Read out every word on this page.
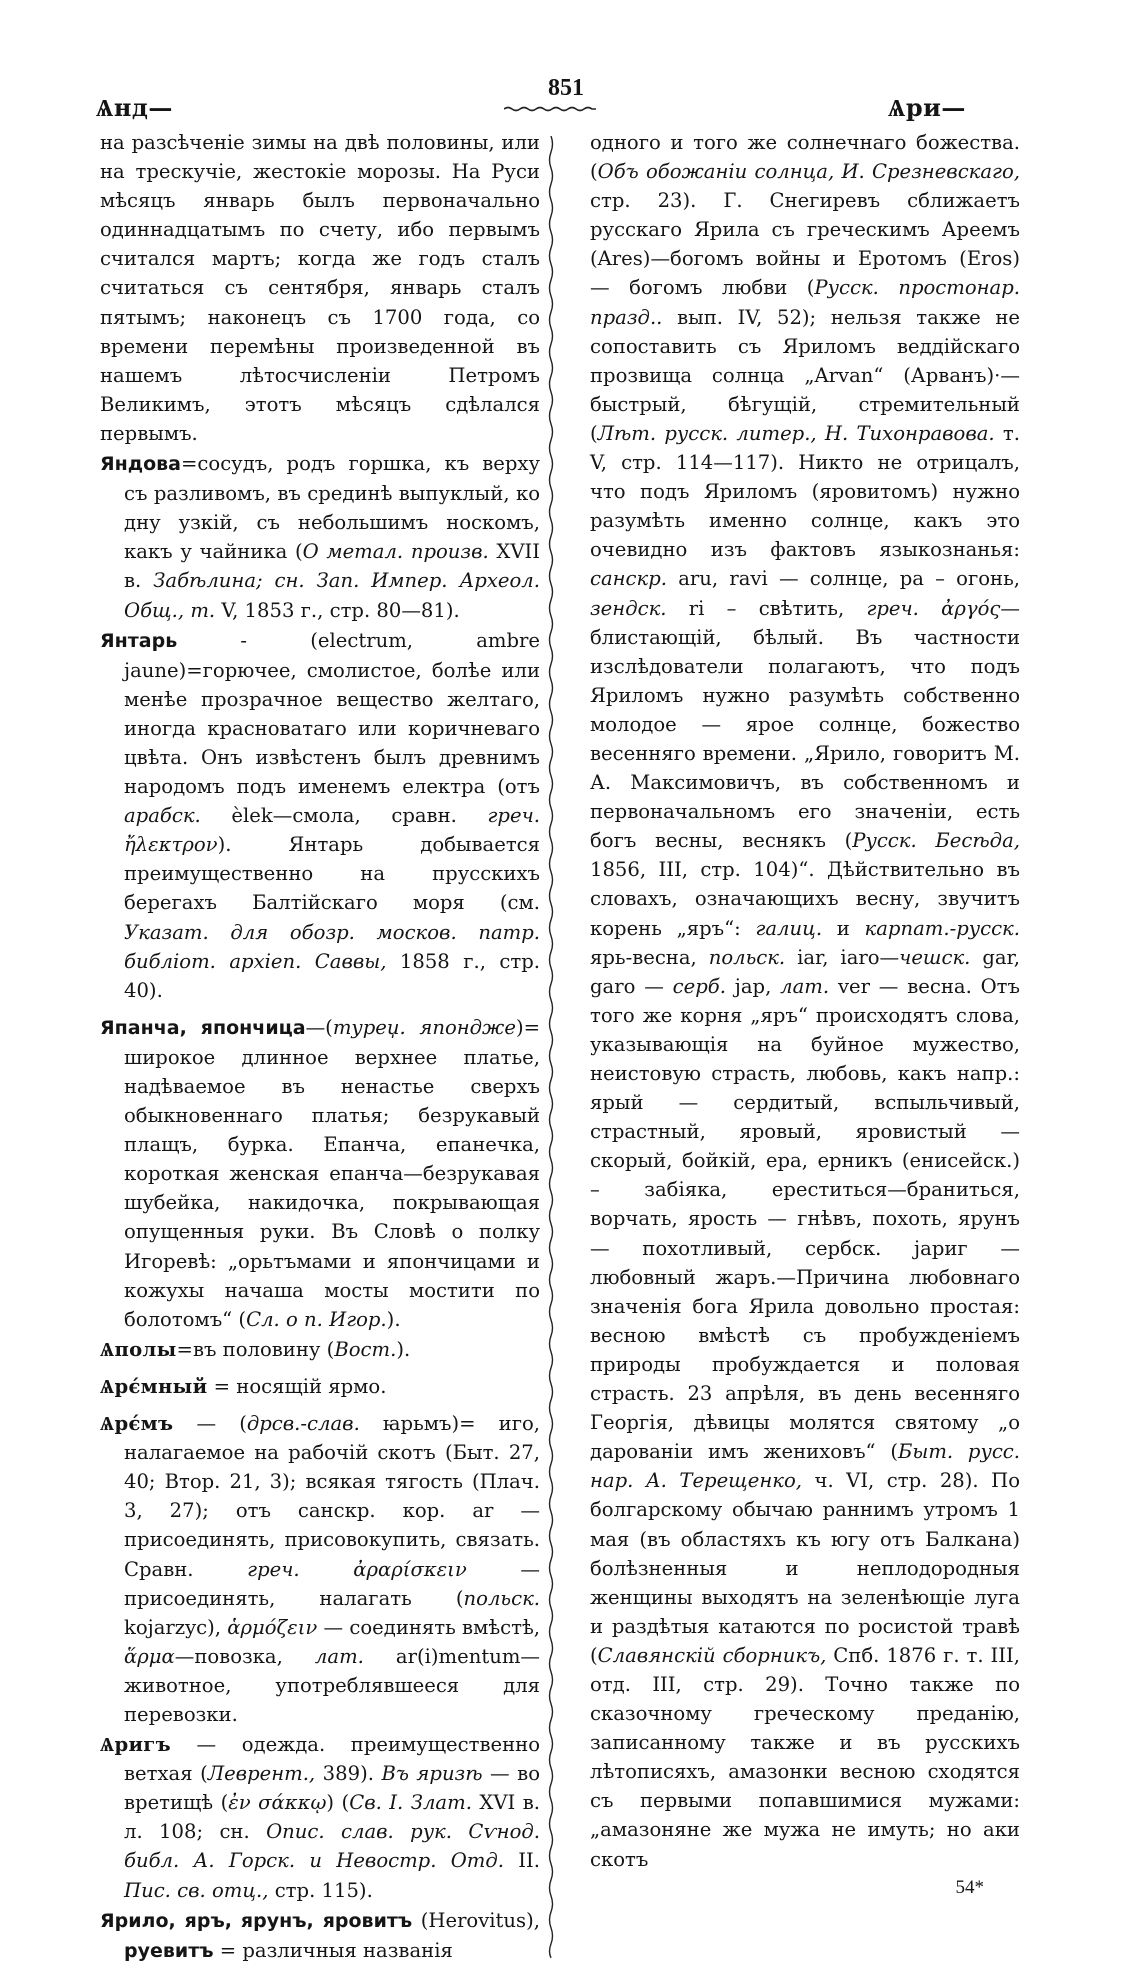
851
Ѧнд—	Ѧри—

на разсѣченіе зимы на двѣ половины, или на трескучіе, жестокіе морозы. На Руси мѣсяцъ январь былъ первоначально одиннадцатымъ по счету, ибо первымъ считался мартъ; когда же годъ сталъ считаться съ сентября, январь сталъ пятымъ; наконецъ съ 1700 года, со времени перемѣны произведенной въ нашемъ лѣтосчисленіи Петромъ Великимъ, этотъ мѣсяцъ сдѣлался первымъ.

Яндова=сосудъ, родъ горшка, къ верху съ разливомъ, въ срединѣ выпуклый, ко дну узкій, съ небольшимъ носкомъ, какъ у чайника (О метал. произв. XVII в. Забѣлина; сн. Зап. Импер. Археол. Общ., т. V, 1853 г., стр. 80—81).

Янтарь - (electrum, ambre jaune)=горючее, смолистое, болѣе или менѣе прозрачное вещество желтаго, иногда красноватаго или коричневаго цвѣта. Онъ извѣстенъ былъ древнимъ народомъ подъ именемъ електра (отъ арабск. èlek—смола, сравн. греч. ἤλεκτρον). Янтарь добывается преимущественно на прусскихъ берегахъ Балтійскаго моря (см. Указат. для обозр. москов. патр. библіот. архіеп. Саввы, 1858 г., стр. 40).

Япанча, япончица—(туреџ. япондже)= широкое длинное верхнее платье, надѣваемое въ ненастье сверхъ обыкновеннаго платья; безрукавый плащъ, бурка. Епанча, епанечка, короткая женская епанча—безрукавая шубейка, накидочка, покрывающая опущенныя руки. Въ Словѣ о полку Игоревѣ: „орьтъмами и япончицами и кожухы начаша мосты мостити по болотомъ“ (Сл. о п. Игор.).

Ѧполы=въ половину (Вост.).

Ѧрє́мный = носящій ярмо.

Ѧрє́мъ — (дрсв.-слав. ꙗрьмъ)= иго, налагаемое на рабочій скотъ (Быт. 27, 40; Втор. 21, 3); всякая тягость (Плач. 3, 27); отъ санскр. кор. ar — присоединять, присовокупить, связать. Сравн. греч. ἀραρίσκειν — присоединять, налагать (польск. kojarzyc), ἁρμόζειν — соединять вмѣстѣ, ἅρμα—повозка, лат. ar(i)mentum—животное, употреблявшееся для перевозки.

Ѧригъ — одежда. преимущественно ветхая (Леврент., 389). Въ яризѣ — во вретищѣ (ἐν σάκκῳ) (Св. І. Злат. XVI в. л. 108; сн. Опис. слав. рук. Сѵнод. библ. А. Горск. и Невостр. Отд. II. Пис. св. отц., стр. 115).

Ярило, яръ, ярунъ, яровитъ (Herovitus), руевитъ = различныя названія

одного и того же солнечнаго божества. (Объ обожаніи солнца, И. Срезневскаго, стр. 23). Г. Снегиревъ сближаетъ русскаго Ярила съ греческимъ Ареемъ (Ares)—богомъ войны и Еротомъ (Eros) — богомъ любви (Русск. простонар. празд.. вып. IV, 52); нельзя также не сопоставить съ Яриломъ веддійскаго прозвища солнца „Arvan“ (Арванъ)·—быстрый, бѣгущій, стремительный (Лѣт. русск. литер., Н. Тихонравова. т. V, стр. 114—117). Никто не отрицалъ, что подъ Яриломъ (яровитомъ) нужно разумѣть именно солнце, какъ это очевидно изъ фактовъ языкознанья: санскр. aru, ravi — солнце, ра – огонь, зендск. ri – свѣтить, греч. ἀργός—блистающій, бѣлый. Въ частности изслѣдователи полагаютъ, что подъ Яриломъ нужно разумѣть собственно молодое — ярое солнце, божество весенняго времени. „Ярило, говоритъ М. А. Максимовичъ, въ собственномъ и первоначальномъ его значеніи, есть богъ весны, веснякъ (Русск. Бесѣда, 1856, III, стр. 104)“. Дѣйствительно въ словахъ, означающихъ весну, звучитъ корень „яръ“: галиц. и карпат.-русск. ярь-весна, польск. iar, iaro—чешск. gar, garo — серб. jap, лат. ver — весна. Отъ того же корня „яръ“ происходятъ слова, указывающія на буйное мужество, неистовую страсть, любовь, какъ напр.: ярый — сердитый, вспыльчивый, страстный, яровый, яровистый — скорый, бойкій, ера, ерникъ (енисейск.) – забіяка, ереститься—браниться, ворчать, ярость — гнѣвъ, похоть, ярунъ — похотливый, сербск. jариг — любовный жаръ.—Причина любовнаго значенія бога Ярила довольно простая: весною вмѣстѣ съ пробужденіемъ природы пробуждается и половая страсть. 23 апрѣля, въ день весенняго Георгія, дѣвицы молятся святому „о дарованіи имъ жениховъ“ (Быт. русс. нар. А. Терещенко, ч. VI, стр. 28). По болгарскому обычаю раннимъ утромъ 1 мая (въ областяхъ къ югу отъ Балкана) болѣзненныя и неплодородныя женщины выходятъ на зеленѣющіе луга и раздѣтыя катаются по росистой травѣ (Славянскій сборникъ, Спб. 1876 г. т. III, отд. III, стр. 29). Точно также по сказочному греческому преданію, записанному также и въ русскихъ лѣтописяхъ, амазонки весною сходятся съ первыми попавшимися мужами: „амазоняне же мужа не имуть; но аки скотъ

54*
